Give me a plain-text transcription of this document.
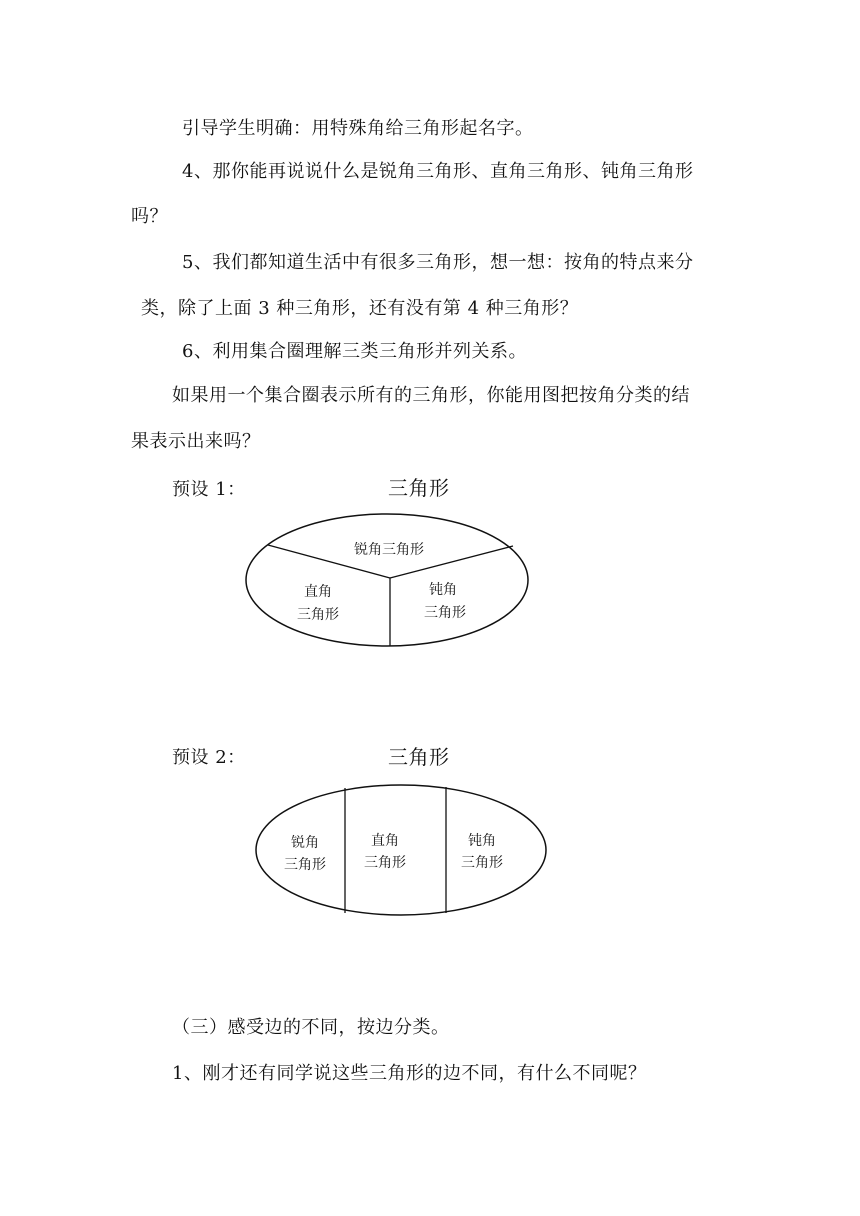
引导学生明确：用特殊角给三角形起名字。
4、那你能再说说什么是锐角三角形、直角三角形、钝角三角形
吗？
5、我们都知道生活中有很多三角形，想一想：按角的特点来分
类，除了上面 3 种三角形，还有没有第 4 种三角形？
6、利用集合圈理解三类三角形并列关系。
如果用一个集合圈表示所有的三角形，你能用图把按角分类的结
果表示出来吗？
预设 1：	三角形
锐角三角形
直角
三角形
钝角
三角形
预设 2：	三角形
锐角
三角形
直角
三角形
钝角
三角形
（三）感受边的不同，按边分类。
1、刚才还有同学说这些三角形的边不同，有什么不同呢？
